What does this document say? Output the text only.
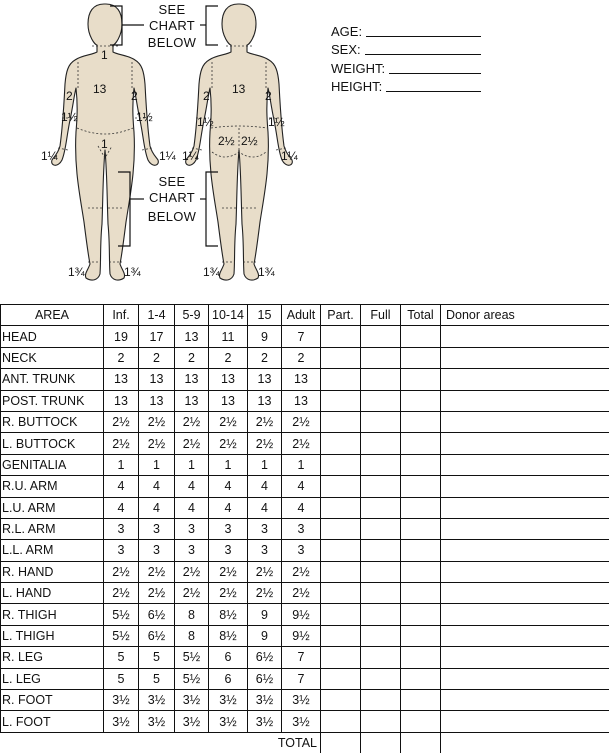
SEE
CHART
BELOW
SEE
CHART
BELOW
1
13
2	2
1½	1½
1¼	1¼
1
1¾	1¾
13
2	2
1½	1½
2½ 2½
1¼	1¼
1¾	1¾
AGE:
SEX:
WEIGHT:
HEIGHT:
AREA	Inf.	1-4	5-9	10-14	15	Adult	Part.	Full	Total	Donor areas
HEAD	19	17	13	11	9	7				
NECK	2	2	2	2	2	2				
ANT. TRUNK	13	13	13	13	13	13				
POST. TRUNK	13	13	13	13	13	13				
R. BUTTOCK	2½	2½	2½	2½	2½	2½				
L. BUTTOCK	2½	2½	2½	2½	2½	2½				
GENITALIA	1	1	1	1	1	1				
R.U. ARM	4	4	4	4	4	4				
L.U. ARM	4	4	4	4	4	4				
R.L. ARM	3	3	3	3	3	3				
L.L. ARM	3	3	3	3	3	3				
R. HAND	2½	2½	2½	2½	2½	2½				
L. HAND	2½	2½	2½	2½	2½	2½				
R. THIGH	5½	6½	8	8½	9	9½				
L. THIGH	5½	6½	8	8½	9	9½				
R. LEG	5	5	5½	6	6½	7				
L. LEG	5	5	5½	6	6½	7				
R. FOOT	3½	3½	3½	3½	3½	3½				
L. FOOT	3½	3½	3½	3½	3½	3½				
TOTAL										
